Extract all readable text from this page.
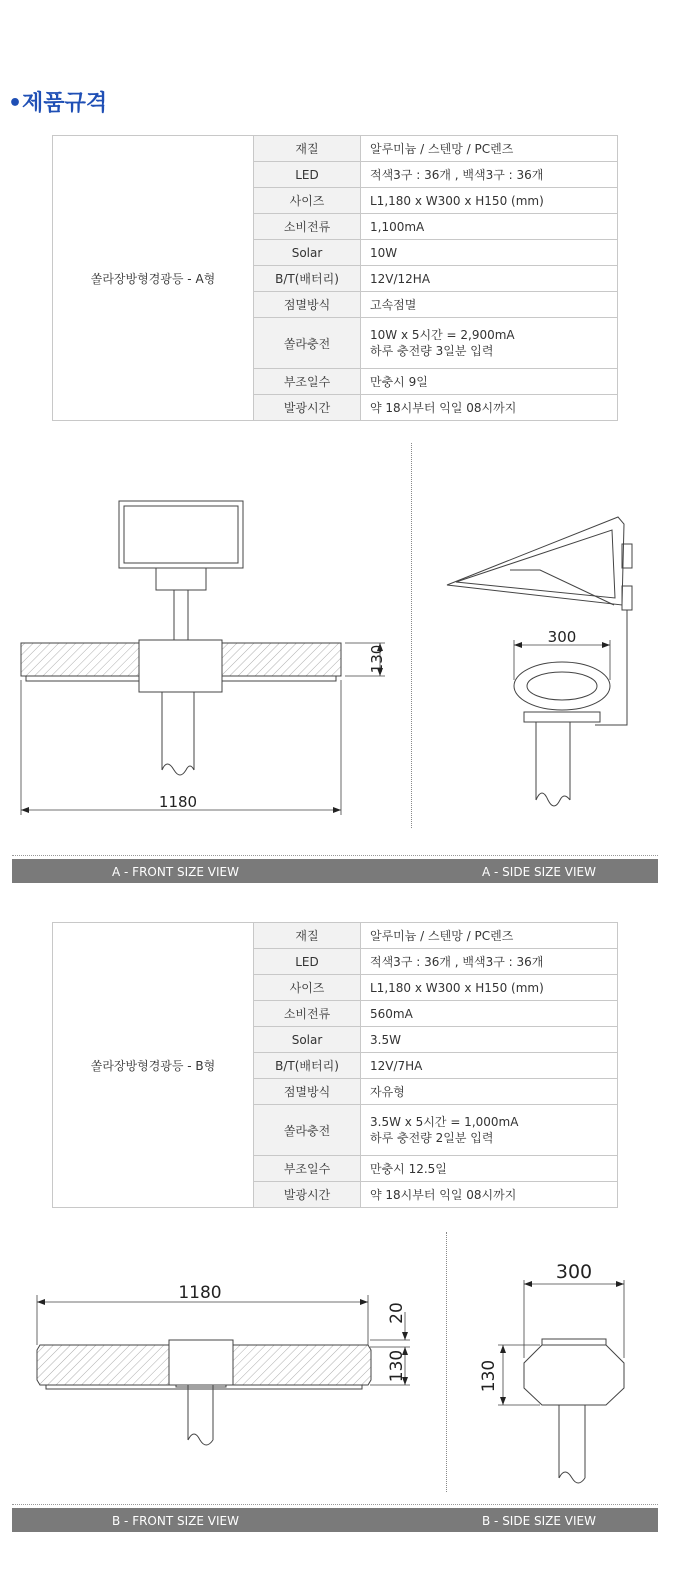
•제품규격
쏠라장방형경광등 - A형	재질	알루미늄 / 스텐망 / PC렌즈
	LED	적색3구 : 36개 , 백색3구 : 36개
	사이즈	L1,180 x W300 x H150 (mm)
	소비전류	1,100mA
	Solar	10W
	B/T(배터리)	12V/12HA
	점멸방식	고속점멸
	쏠라충전	10W x 5시간 = 2,900mA
하루 충전량 3일분 입력

	부조일수	만충시 9일
	발광시간	약 18시부터 익일 08시까지
1180
130
300
A - FRONT SIZE VIEW	A - SIDE SIZE VIEW
쏠라장방형경광등 - B형	재질	알루미늄 / 스텐망 / PC렌즈
	LED	적색3구 : 36개 , 백색3구 : 36개
	사이즈	L1,180 x W300 x H150 (mm)
	소비전류	560mA
	Solar	3.5W
	B/T(배터리)	12V/7HA
	점멸방식	자유형
	쏠라충전	3.5W x 5시간 = 1,000mA
하루 충전량 2일분 입력

	부조일수	만충시 12.5일
	발광시간	약 18시부터 익일 08시까지
1180
20
130
300
130
B - FRONT SIZE VIEW	B - SIDE SIZE VIEW
